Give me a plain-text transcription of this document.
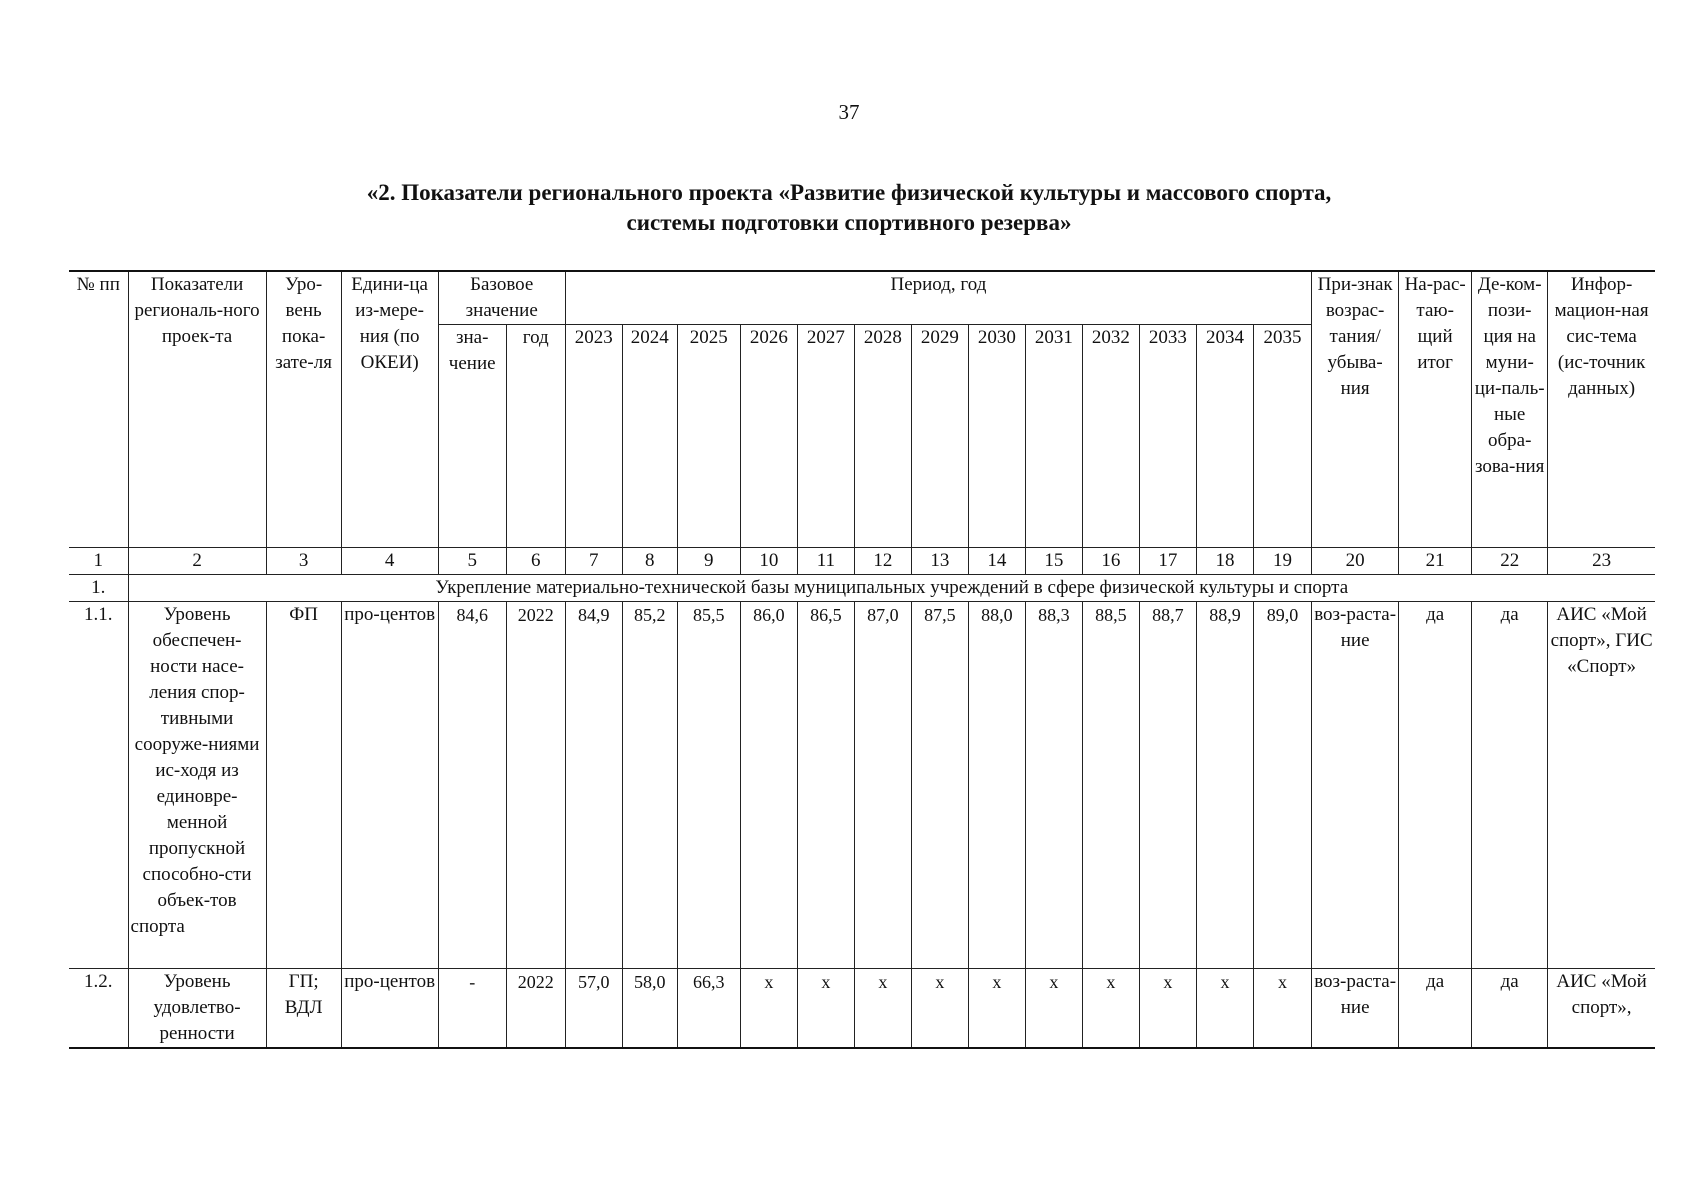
37
«2. Показатели регионального проекта «Развитие физической культуры и массового спорта,
системы подготовки спортивного резерва»
№ пп	Показатели региональ-ного проек-та	Уро-вень пока-зате-ля	Едини-ца из-мере-ния (по ОКЕИ)	Базовое значение		Период, год													При-знак возрас-тания/ убыва-ния	На-рас-таю-щий итог	Де-ком-пози-ция на муни-ци-паль-ные обра-зова-ния	Инфор-мацион-ная сис-тема (ис-точник данных)
				зна-чение	год	2023	2024	2025	2026	2027	2028	2029	2030	2031	2032	2033	2034	2035				
1	2	3	4	5	6	7	8	9	10	11	12	13	14	15	16	17	18	19	20	21	22	23
1.	Укрепление материально-технической базы муниципальных учреждений в сфере физической культуры и спорта																					
1.1.	Уровень обеспечен-ности насе-ления спор-тивными сооруже-ниями ис-ходя из единовре-менной пропускной способно-сти объек-тов спорта	ФП	про-центов	84,6	2022	84,9	85,2	85,5	86,0	86,5	87,0	87,5	88,0	88,3	88,5	88,7	88,9	89,0	воз-раста-ние	да	да	АИС «Мой спорт», ГИС «Спорт»
1.2.	Уровень удовлетво-ренности	ГП; ВДЛ	про-центов	-	2022	57,0	58,0	66,3	х	х	х	х	х	х	х	х	х	х	воз-раста-ние	да	да	АИС «Мой спорт»,
